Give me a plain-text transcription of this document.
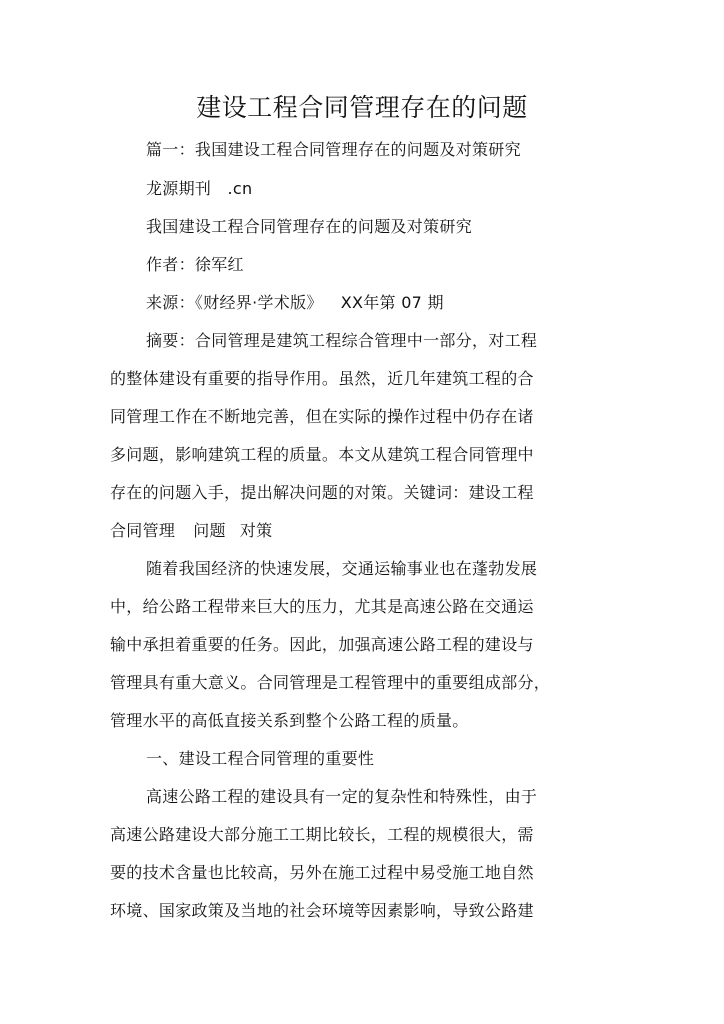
建设工程合同管理存在的问题
篇一：我国建设工程合同管理存在的问题及对策研究
龙源期刊　.cn
我国建设工程合同管理存在的问题及对策研究
作者：徐军红
来源：《财经界·学术版》 XX年第 07 期
摘要：合同管理是建筑工程综合管理中一部分，对工程
的整体建设有重要的指导作用。虽然，近几年建筑工程的合
同管理工作在不断地完善，但在实际的操作过程中仍存在诸
多问题，影响建筑工程的质量。本文从建筑工程合同管理中
存在的问题入手，提出解决问题的对策。关键词：建设工程
合同管理 问题 对策
随着我国经济的快速发展，交通运输事业也在蓬勃发展
中，给公路工程带来巨大的压力，尤其是高速公路在交通运
输中承担着重要的任务。因此，加强高速公路工程的建设与
管理具有重大意义。合同管理是工程管理中的重要组成部分，
管理水平的高低直接关系到整个公路工程的质量。
一、建设工程合同管理的重要性
高速公路工程的建设具有一定的复杂性和特殊性，由于
高速公路建设大部分施工工期比较长，工程的规模很大，需
要的技术含量也比较高，另外在施工过程中易受施工地自然
环境、国家政策及当地的社会环境等因素影响，导致公路建
